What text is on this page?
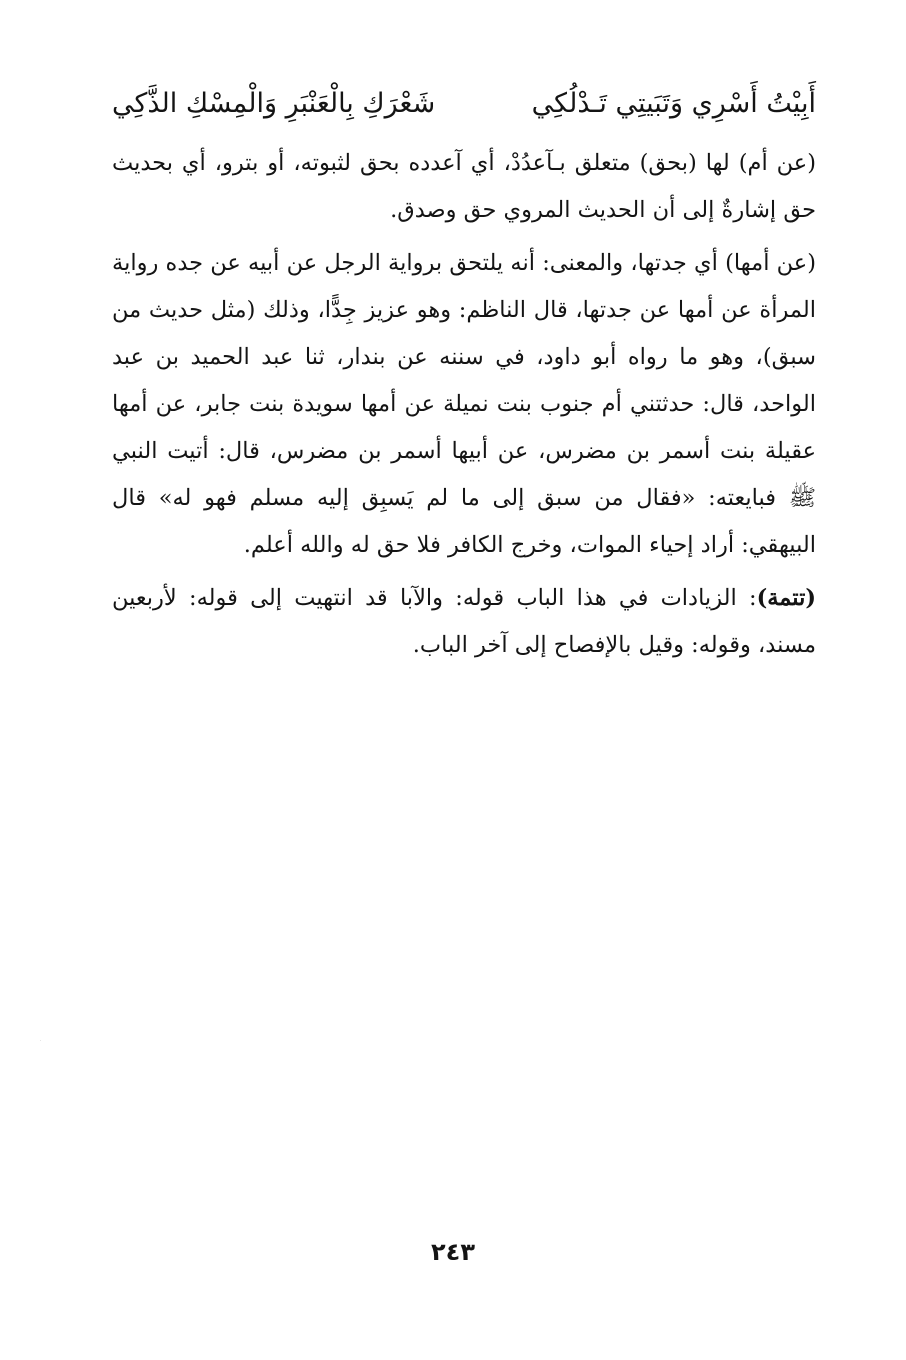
أَبِيْتُ أَسْرِي وَتَبَيتِي تَـدْلُكِي
شَعْرَكِ بِالْعَنْبَرِ وَالْمِسْكِ الذَّكِي

(عن أم) لها (بحق) متعلق بـآعدُدْ، أي آعدده بحق لثبوته، أو بترو، أي بحديث حق إشارةٌ إلى أن الحديث المروي حق وصدق.

(عن أمها) أي جدتها، والمعنى: أنه يلتحق برواية الرجل عن أبيه عن جده رواية المرأة عن أمها عن جدتها، قال الناظم: وهو عزيز جِدًّا، وذلك (مثل حديث من سبق)، وهو ما رواه أبو داود، في سننه عن بندار، ثنا عبد الحميد بن عبد الواحد، قال: حدثتني أم جنوب بنت نميلة عن أمها سويدة بنت جابر، عن أمها عقيلة بنت أسمر بن مضرس، عن أبيها أسمر بن مضرس، قال: أتيت النبي ﷺ فبايعته: «فقال من سبق إلى ما لم يَسبِق إليه مسلم فهو له» قال البيهقي: أراد إحياء الموات، وخرج الكافر فلا حق له والله أعلم.

(تتمة): الزيادات في هذا الباب قوله: والآبا قد انتهيت إلى قوله: لأربعين مسند، وقوله: وقيل بالإفصاح إلى آخر الباب.

٢٤٣
